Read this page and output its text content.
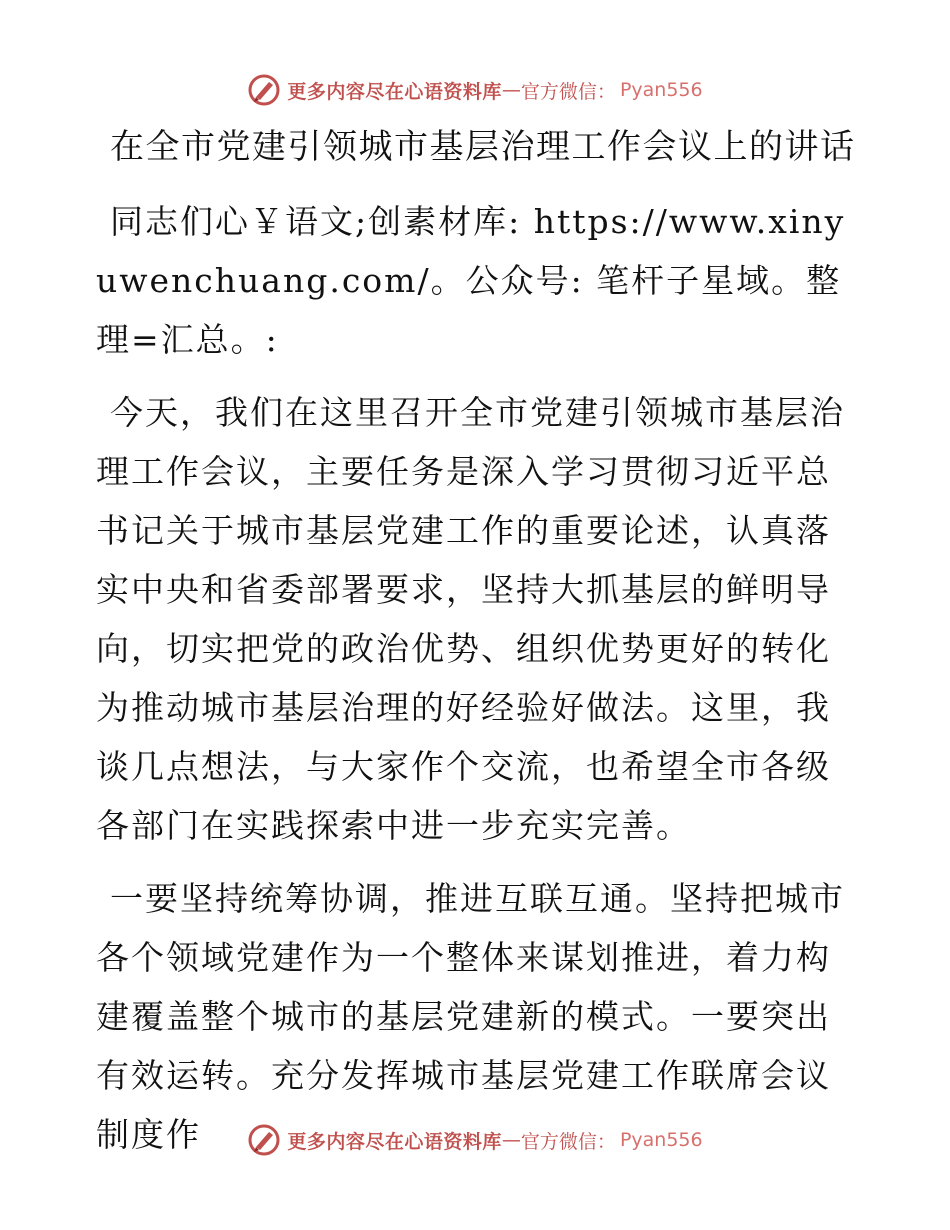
更多内容尽在心语资料库 — 官方微信： Pyan556
在全市党建引领城市基层治理工作会议上的讲话

同志们心￥语文;创素材库: https://www.xinyuwenchuang.com/。公众号: 笔杆子星域。整理=汇总。:

今天，我们在这里召开全市党建引领城市基层治理工作会议，主要任务是深入学习贯彻习近平总书记关于城市基层党建工作的重要论述，认真落实中央和省委部署要求，坚持大抓基层的鲜明导向，切实把党的政治优势、组织优势更好的转化为推动城市基层治理的好经验好做法。这里，我谈几点想法，与大家作个交流，也希望全市各级各部门在实践探索中进一步充实完善。

一要坚持统筹协调，推进互联互通。坚持把城市各个领域党建作为一个整体来谋划推进，着力构建覆盖整个城市的基层党建新的模式。一要突出有效运转。充分发挥城市基层党建工作联席会议制度作	更多内容尽在心语资料库 — 官方微信： Pyan556
